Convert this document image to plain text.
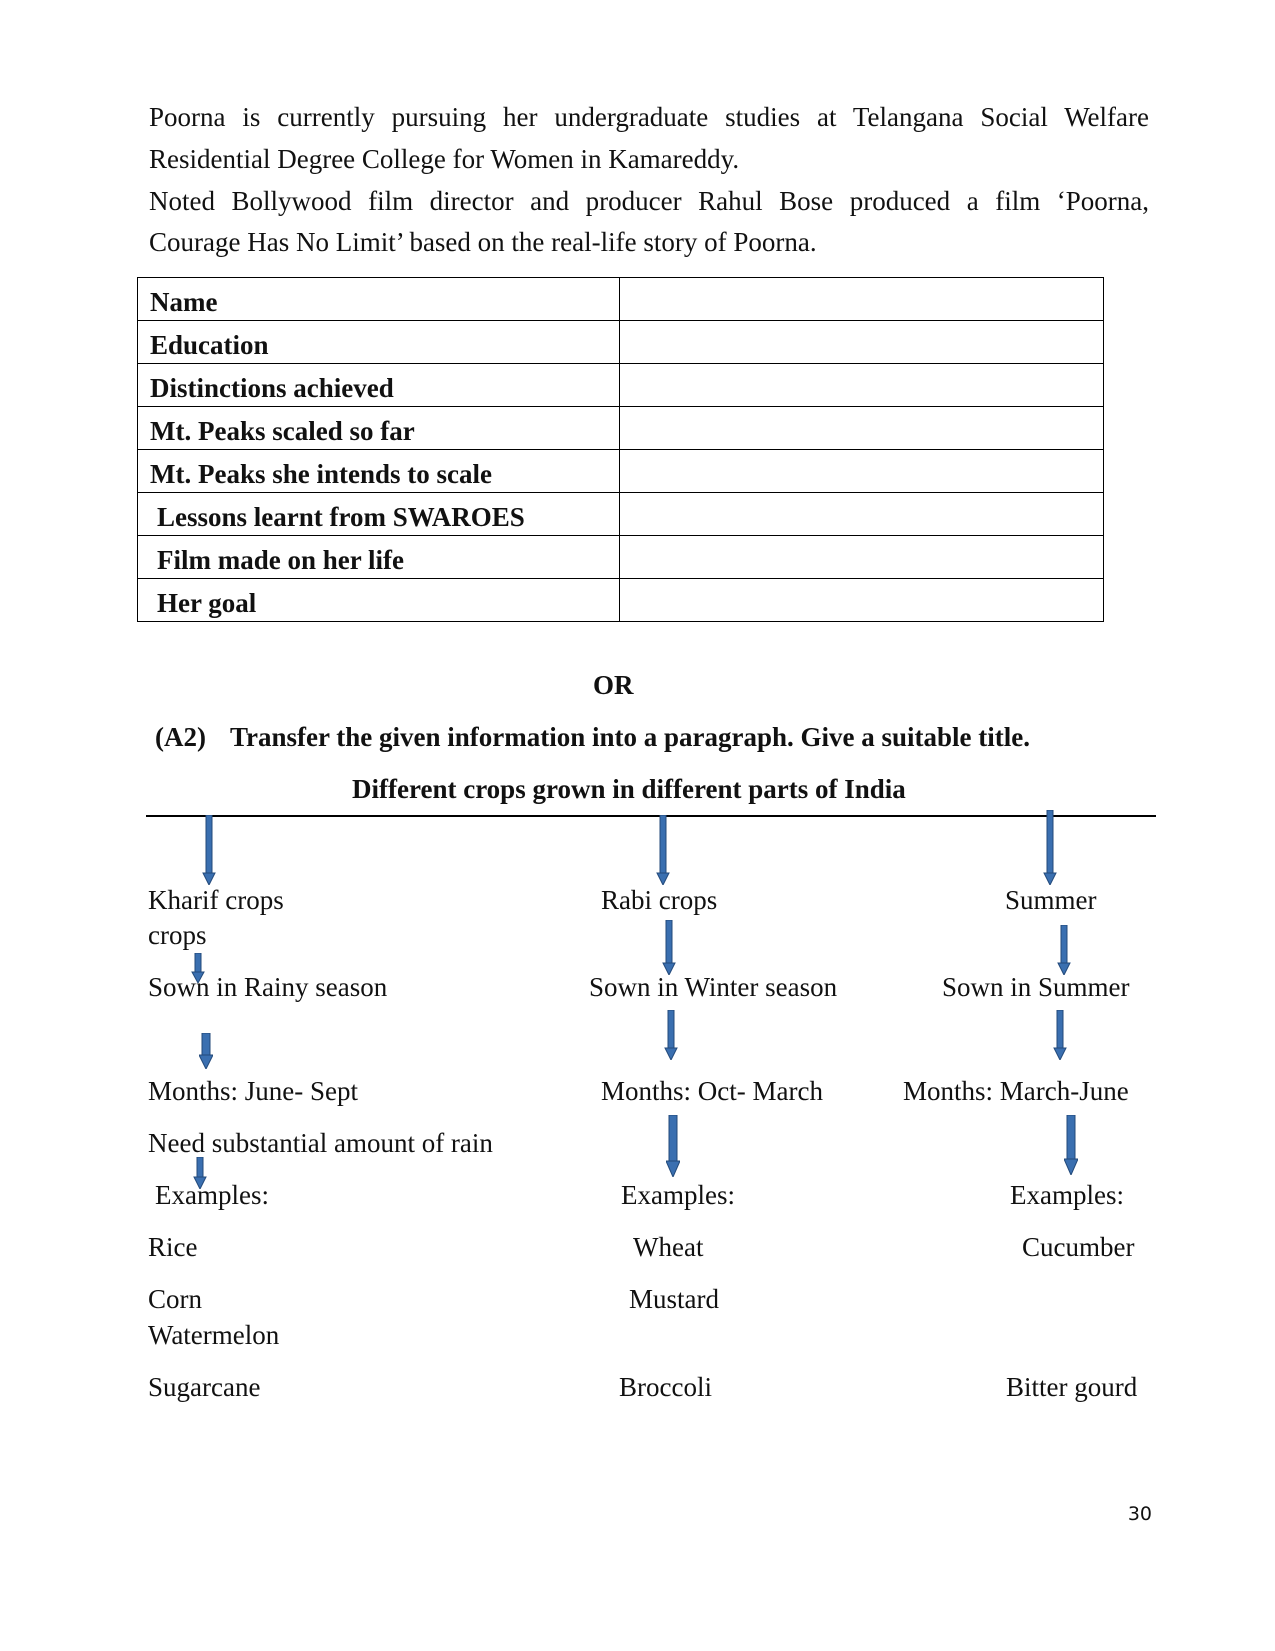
Poorna is currently pursuing her undergraduate studies at Telangana Social Welfare
Residential Degree College for Women in Kamareddy.
Noted Bollywood film director and producer Rahul Bose produced a film ‘Poorna,
Courage Has No Limit’ based on the real-life story of Poorna.
Name	
Education	
Distinctions achieved	
Mt. Peaks scaled so far	
Mt. Peaks she intends to scale	
Lessons learnt from SWAROES	
Film made on her life	
Her goal	
OR
(A2) Transfer the given information into a paragraph. Give a suitable title.
Different crops grown in different parts of India
Kharif crops
crops
Sown in Rainy season
Months: June- Sept
Need substantial amount of rain
Examples:
Rice
Corn
Watermelon
Sugarcane
Rabi crops
Sown in Winter season
Months: Oct- March
Examples:
Wheat
Mustard
Broccoli
Summer
Sown in Summer
Months: March-June
Examples:
Cucumber
Bitter gourd
30
